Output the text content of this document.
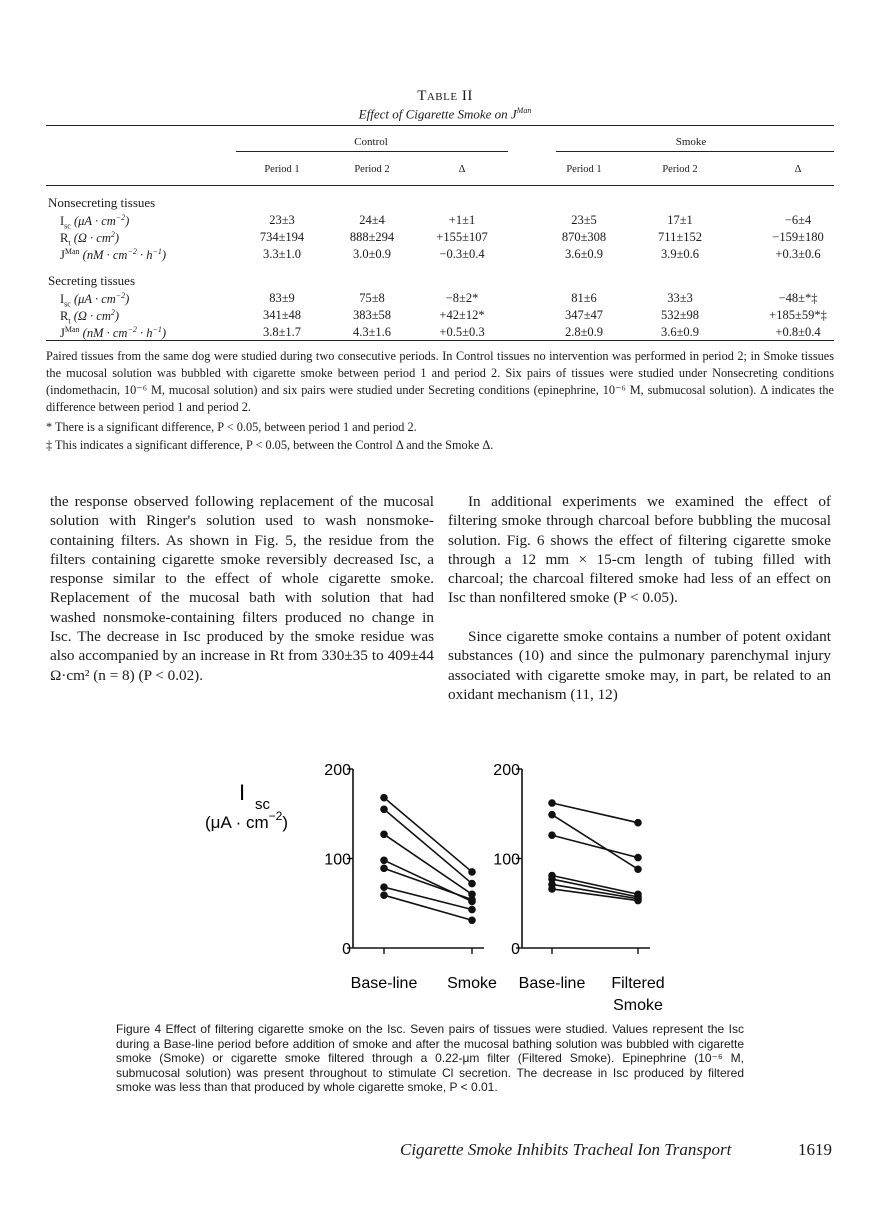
Table II
Effect of Cigarette Smoke on $J^{Man}$
Control	Smoke
Period 1	Period 2	Δ	Period 1	Period 2	Δ
Nonsecreting tissues
$I_{sc}$ $(\mu A \cdot cm^{-2})$	23±3	24±4	+1±1	23±5	17±1	−6±4
$R_t$ $(\Omega \cdot cm^2)$	734±194	888±294	+155±107	870±308	711±152	−159±180
$J^{Man}$ $(nM \cdot cm^{-2} \cdot h^{-1})$	3.3±1.0	3.0±0.9	−0.3±0.4	3.6±0.9	3.9±0.6	+0.3±0.6
Secreting tissues
$I_{sc}$ $(\mu A \cdot cm^{-2})$	83±9	75±8	−8±2*	81±6	33±3	−48±*‡
$R_t$ $(\Omega \cdot cm^2)$	341±48	383±58	+42±12*	347±47	532±98	+185±59*‡
$J^{Man}$ $(nM \cdot cm^{-2} \cdot h^{-1})$	3.8±1.7	4.3±1.6	+0.5±0.3	2.8±0.9	3.6±0.9	+0.8±0.4
Paired tissues from the same dog were studied during two consecutive periods. In Control tissues no intervention was performed in period 2; in Smoke tissues the mucosal solution was bubbled with cigarette smoke between period 1 and period 2. Six pairs of tissues were studied under Nonsecreting conditions (indomethacin, 10⁻⁶ M, mucosal solution) and six pairs were studied under Secreting conditions (epinephrine, 10⁻⁶ M, submucosal solution). Δ indicates the difference between period 1 and period 2.
* There is a significant difference, P < 0.05, between period 1 and period 2.
‡ This indicates a significant difference, P < 0.05, between the Control Δ and the Smoke Δ.
the response observed following replacement of the mucosal solution with Ringer's solution used to wash nonsmoke-containing filters. As shown in Fig. 5, the residue from the filters containing cigarette smoke reversibly decreased Isc, a response similar to the effect of whole cigarette smoke. Replacement of the mucosal bath with solution that had washed nonsmoke-containing filters produced no change in Isc. The decrease in Isc produced by the smoke residue was also accompanied by an increase in Rt from 330±35 to 409±44 Ω·cm² (n = 8) (P < 0.02).
In additional experiments we examined the effect of filtering smoke through charcoal before bubbling the mucosal solution. Fig. 6 shows the effect of filtering cigarette smoke through a 12 mm × 15-cm length of tubing filled with charcoal; the charcoal filtered smoke had less of an effect on Isc than nonfiltered smoke (P < 0.05).
Since cigarette smoke contains a number of potent oxidant substances (10) and since the pulmonary parenchymal injury associated with cigarette smoke may, in part, be related to an oxidant mechanism (11, 12)
I sc
$(\mu A \cdot cm^{-2})$
0
100
200
0
100
200
Base-line Smoke Base-line Filtered
Smoke
Figure 4 Effect of filtering cigarette smoke on the Isc. Seven pairs of tissues were studied. Values represent the Isc during a Base-line period before addition of smoke and after the mucosal bathing solution was bubbled with cigarette smoke (Smoke) or cigarette smoke filtered through a 0.22-μm filter (Filtered Smoke). Epinephrine (10⁻⁶ M, submucosal solution) was present throughout to stimulate Cl secretion. The decrease in Isc produced by filtered smoke was less than that produced by whole cigarette smoke, P < 0.01.
Cigarette Smoke Inhibits Tracheal Ion Transport	1619
